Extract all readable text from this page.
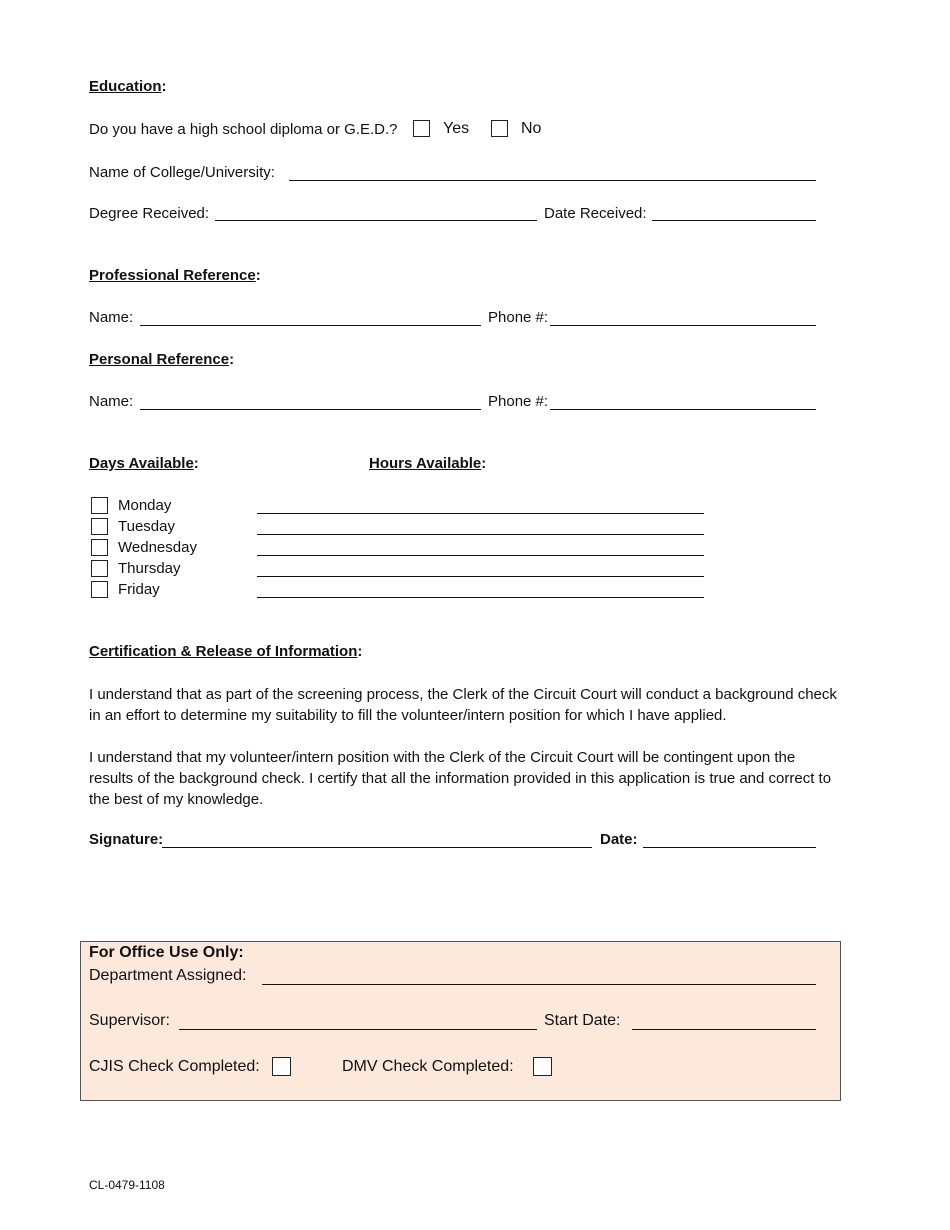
Education:
Do you have a high school diploma or G.E.D.?	Yes	No
Name of College/University:
Degree Received:	Date Received:
Professional Reference:
Name:	Phone #:
Personal Reference:
Name:	Phone #:
Days Available:	Hours Available:
Monday
Tuesday
Wednesday
Thursday
Friday
Certification & Release of Information:
I understand that as part of the screening process, the Clerk of the Circuit Court will conduct a background check in an effort to determine my suitability to fill the volunteer/intern position for which I have applied.
I understand that my volunteer/intern position with the Clerk of the Circuit Court will be contingent upon the results of the background check. I certify that all the information provided in this application is true and correct to the best of my knowledge.
Signature:	Date:
For Office Use Only:
Department Assigned:
Supervisor:	Start Date:
CJIS Check Completed:	DMV Check Completed:
CL-0479-1108
